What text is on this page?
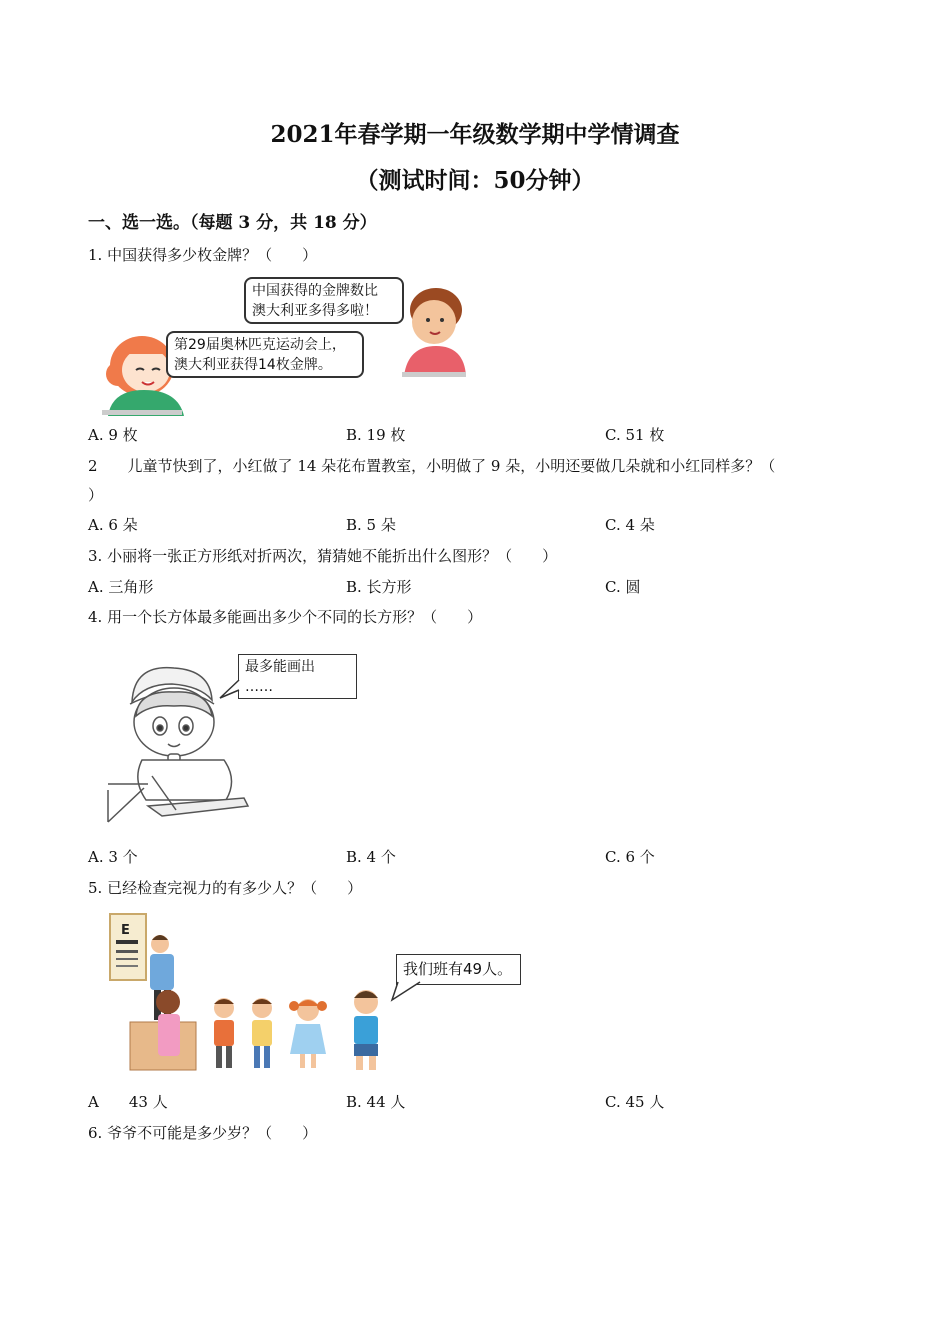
2021年春学期一年级数学期中学情调查
（测试时间：50分钟）
一、选一选。（每题 3 分，共 18 分）
1. 中国获得多少枚金牌？（　　）
第29届奥林匹克运动会上，
澳大利亚获得14枚金牌。
中国获得的金牌数比
澳大利亚多得多啦！
A. 9 枚	B. 19 枚	C. 51 枚
2　　儿童节快到了，小红做了 14 朵花布置教室，小明做了 9 朵，小明还要做几朵就和小红同样多？（
）
A. 6 朵	B. 5 朵	C. 4 朵
3. 小丽将一张正方形纸对折两次，猜猜她不能折出什么图形？（　　）
A. 三角形	B. 长方形	C. 圆
4. 用一个长方体最多能画出多少个不同的长方形？（　　）
最多能画出
……
A. 3 个	B. 4 个	C. 6 个
5. 已经检查完视力的有多少人？（　　）
E
我们班有49人。
A　　43 人	B. 44 人	C. 45 人
6. 爷爷不可能是多少岁？（　　）
